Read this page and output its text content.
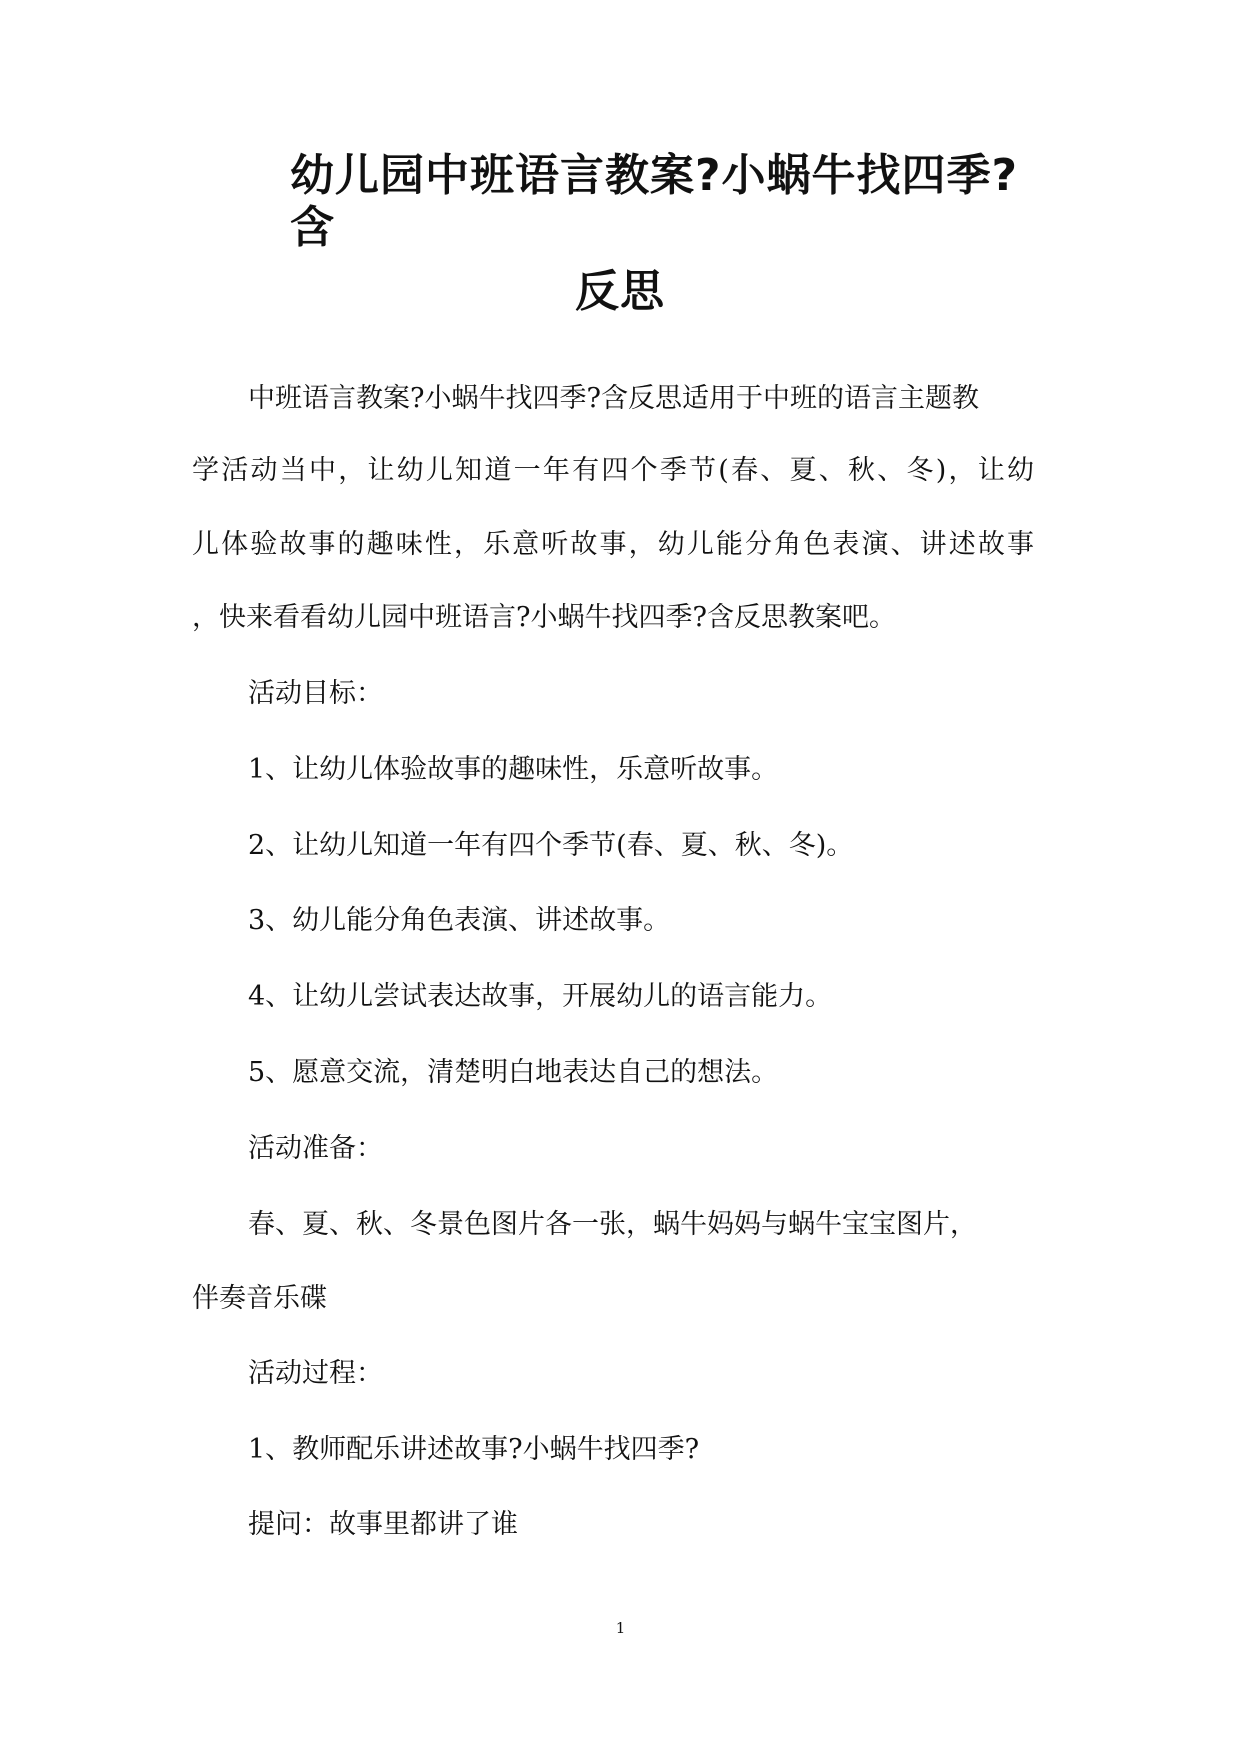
幼儿园中班语言教案?小蜗牛找四季?含
反思
中班语言教案?小蜗牛找四季?含反思适用于中班的语言主题教
学活动当中，让幼儿知道一年有四个季节(春、夏、秋、冬)，让幼
儿体验故事的趣味性，乐意听故事，幼儿能分角色表演、讲述故事
，快来看看幼儿园中班语言?小蜗牛找四季?含反思教案吧。
活动目标：
1、让幼儿体验故事的趣味性，乐意听故事。
2、让幼儿知道一年有四个季节(春、夏、秋、冬)。
3、幼儿能分角色表演、讲述故事。
4、让幼儿尝试表达故事，开展幼儿的语言能力。
5、愿意交流，清楚明白地表达自己的想法。
活动准备：
春、夏、秋、冬景色图片各一张，蜗牛妈妈与蜗牛宝宝图片，
伴奏音乐碟
活动过程：
1、教师配乐讲述故事?小蜗牛找四季?
提问：故事里都讲了谁
1
